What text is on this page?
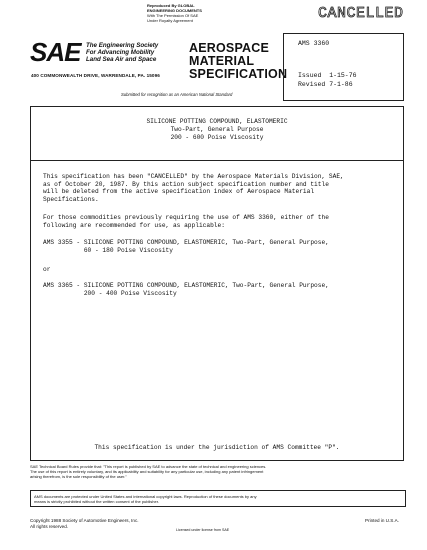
Reproduced By GLOBAL
ENGINEERING DOCUMENTS
With The Permission Of SAE
Under Royalty Agreement	CANCELLED
SAE The Engineering Society
For Advancing Mobility
Land Sea Air and Space
400 COMMONWEALTH DRIVE, WARRENDALE, PA. 15096
AEROSPACE
MATERIAL
SPECIFICATION
Submitted for recognition as an American National Standard
AMS 3360
Issued  1-15-76
Revised 7-1-86
SILICONE POTTING COMPOUND, ELASTOMERIC
Two-Part, General Purpose
200 - 600 Poise Viscosity
This specification has been "CANCELLED" by the Aerospace Materials Division, SAE,
as of October 20, 1987. By this action subject specification number and title
will be deleted from the active specification index of Aerospace Material
Specifications.
For those commodities previously requiring the use of AMS 3360, either of the
following are recommended for use, as applicable:
AMS 3355 - SILICONE POTTING COMPOUND, ELASTOMERIC, Two-Part, General Purpose,
60 - 180 Poise Viscosity
or
AMS 3365 - SILICONE POTTING COMPOUND, ELASTOMERIC, Two-Part, General Purpose,
200 - 400 Poise Viscosity
This specification is under the jurisdiction of AMS Committee "P".
SAE Technical Board Rules provide that: "This report is published by SAE to advance the state of technical and engineering sciences.
The use of this report is entirely voluntary, and its applicability and suitability for any particular use, including any patent infringement
arising therefrom, is the sole responsibility of the user."
AMS documents are protected under United States and international copyright laws. Reproduction of these documents by any
means is strictly prohibited without the written consent of the publisher.
Copyright 1988 Society of Automotive Engineers, Inc.
All rights reserved.
Licensed under license from SAE
Printed in U.S.A.
